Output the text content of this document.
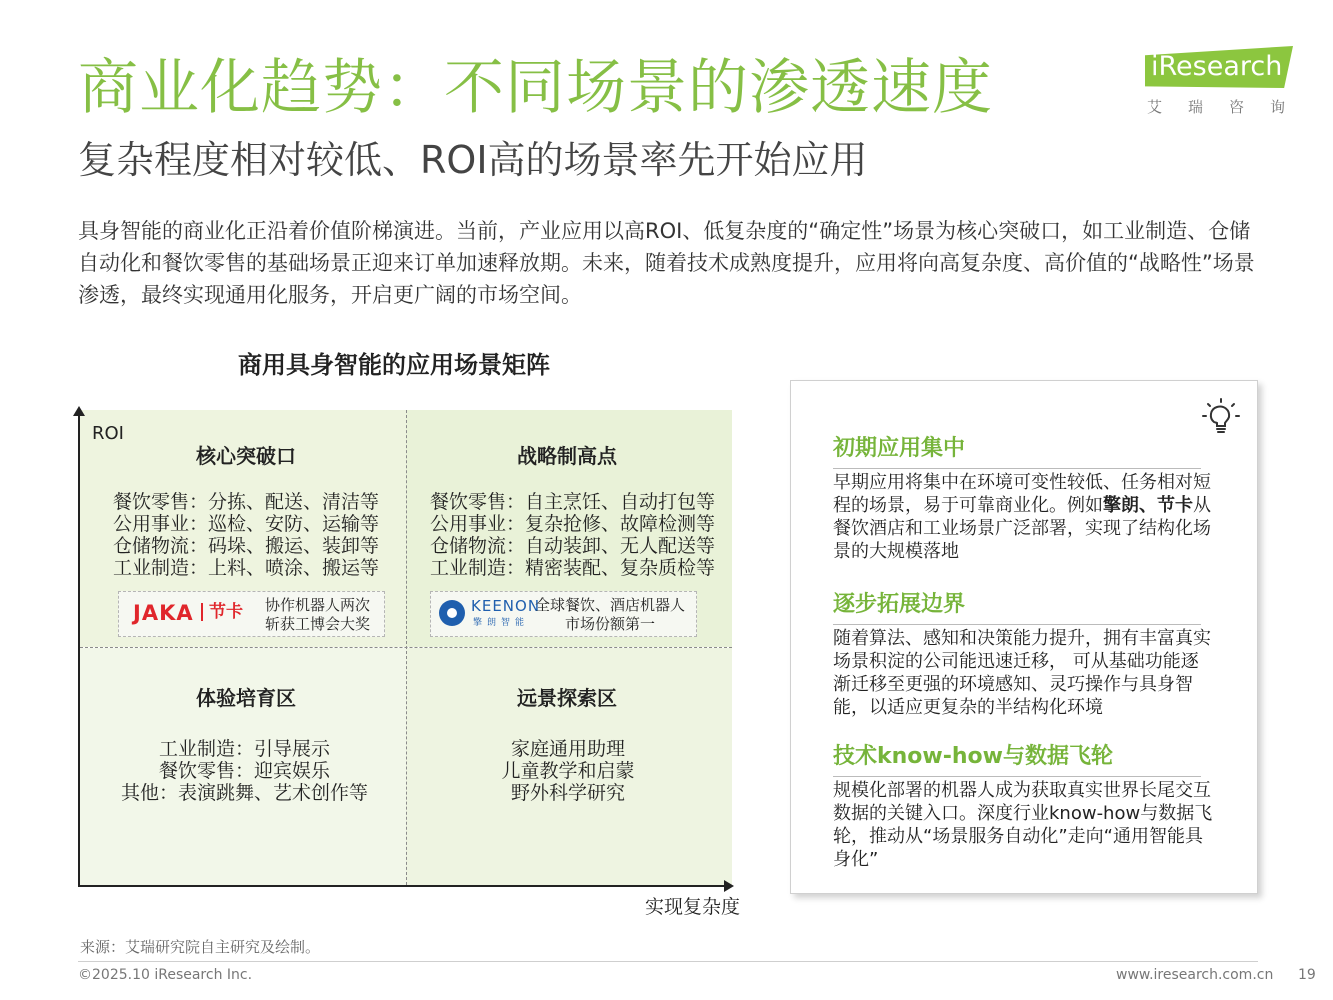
商业化趋势：不同场景的渗透速度
复杂程度相对较低、ROI高的场景率先开始应用
iResearch
艾瑞咨询
具身智能的商业化正沿着价值阶梯演进。当前，产业应用以高ROI、低复杂度的“确定性”场景为核心突破口，如工业制造、仓储自动化和餐饮零售的基础场景正迎来订单加速释放期。未来，随着技术成熟度提升，应用将向高复杂度、高价值的“战略性”场景渗透，最终实现通用化服务，开启更广阔的市场空间。
商用具身智能的应用场景矩阵
ROI
实现复杂度
核心突破口
餐饮零售：分拣、配送、清洁等
公用事业：巡检、安防、运输等
仓储物流：码垛、搬运、装卸等
工业制造：上料、喷涂、搬运等
JAKA 节卡 协作机器人两次
斩获工博会大奖
战略制高点
餐饮零售：自主烹饪、自动打包等
公用事业：复杂抢修、故障检测等
仓储物流：自动装卸、无人配送等
工业制造：精密装配、复杂质检等
KEENON
擎朗智能
全球餐饮、酒店机器人
市场份额第一
体验培育区
工业制造：引导展示
餐饮零售：迎宾娱乐
其他：表演跳舞、艺术创作等
远景探索区
家庭通用助理
儿童教学和启蒙
野外科学研究
初期应用集中
早期应用将集中在环境可变性较低、任务相对短程的场景，易于可靠商业化。例如擎朗、节卡从餐饮酒店和工业场景广泛部署，实现了结构化场景的大规模落地
逐步拓展边界
随着算法、感知和决策能力提升，拥有丰富真实场景积淀的公司能迅速迁移， 可从基础功能逐渐迁移至更强的环境感知、灵巧操作与具身智能，以适应更复杂的半结构化环境
技术know-how与数据飞轮
规模化部署的机器人成为获取真实世界长尾交互数据的关键入口。深度行业know-how与数据飞轮，推动从“场景服务自动化”走向“通用智能具身化”
来源：艾瑞研究院自主研究及绘制。
©2025.10 iResearch Inc.	www.iresearch.com.cn 19
